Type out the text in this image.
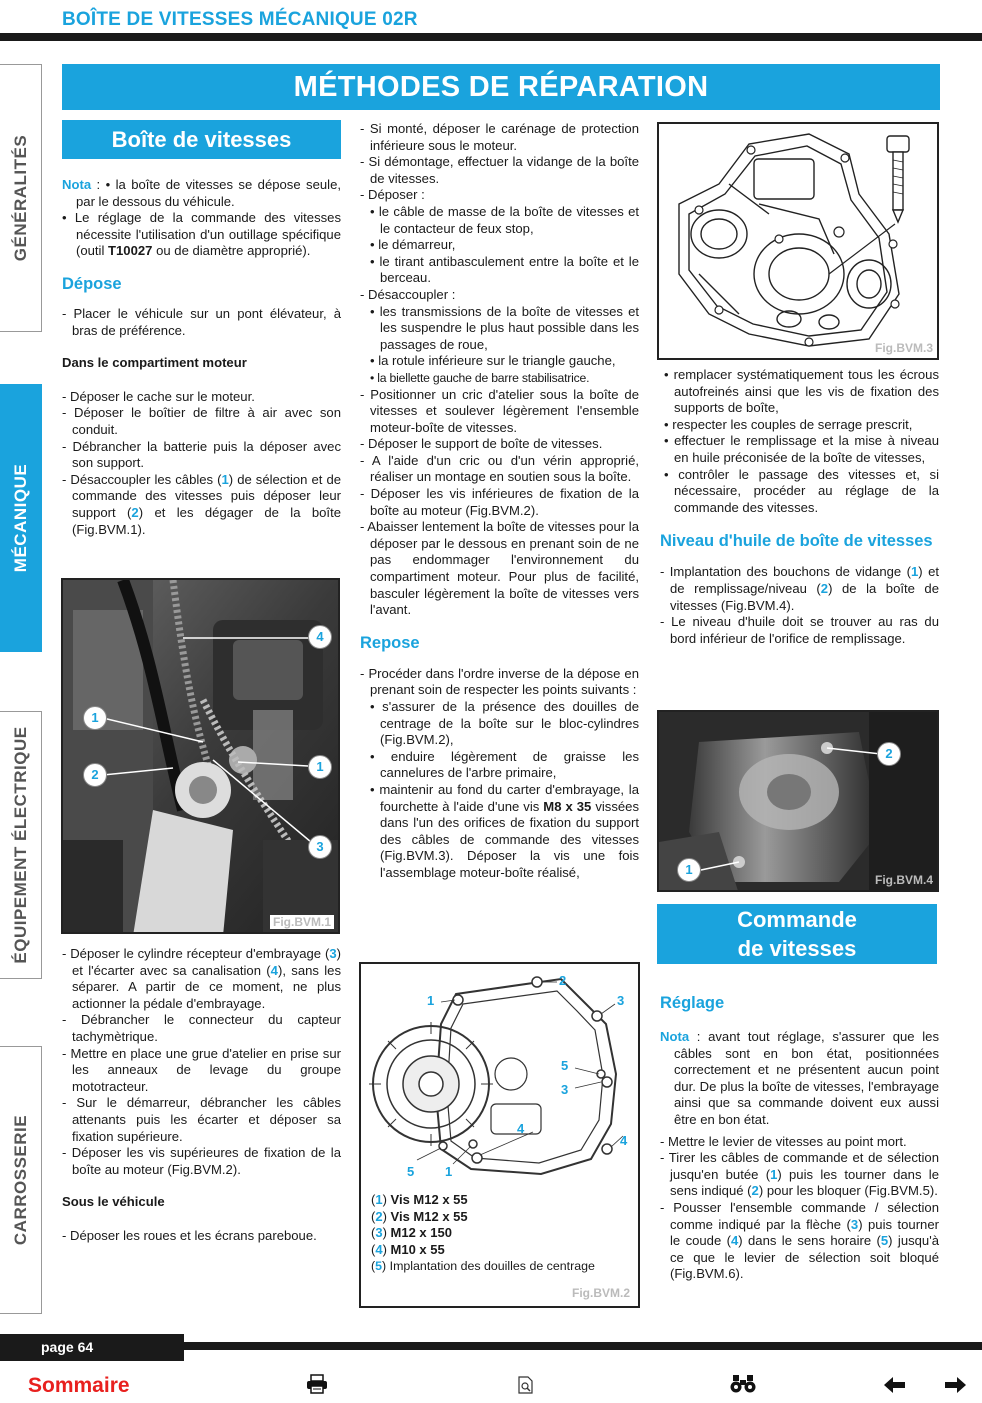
BOÎTE DE VITESSES MÉCANIQUE 02R
GÉNÉRALITÉS
MÉCANIQUE
ÉQUIPEMENT ÉLECTRIQUE
CARROSSERIE
MÉTHODES DE RÉPARATION
Boîte de vitesses

Nota : • la boîte de vitesses se dépose seule, par le dessous du véhicule.

• Le réglage de la commande des vitesses nécessite l'utilisation d'un outillage spécifique (outil T10027 ou de diamètre approprié).

Dépose

- Placer le véhicule sur un pont élévateur, à bras de préférence.

Dans le compartiment moteur

- Déposer le cache sur le moteur.

- Déposer le boîtier de filtre à air avec son conduit.

- Débrancher la batterie puis la déposer avec son support.

- Désaccoupler les câbles (1) de sélection et de commande des vitesses puis déposer leur support (2) et les dégager de la boîte (Fig.BVM.1).

4
1
1
2
3
Fig.BVM.1

- Déposer le cylindre récepteur d'embrayage (3) et l'écarter avec sa canalisation (4), sans les séparer. A partir de ce moment, ne plus actionner la pédale d'embrayage.

- Débrancher le connecteur du capteur tachymètrique.

- Mettre en place une grue d'atelier en prise sur les anneaux de levage du groupe mototracteur.

- Sur le démarreur, débrancher les câbles attenants puis les écarter et déposer sa fixation supérieure.

- Déposer les vis supérieures de fixation de la boîte au moteur (Fig.BVM.2).

Sous le véhicule

- Déposer les roues et les écrans pareboue.

- Si monté, déposer le carénage de protection inférieure sous le moteur.

- Si démontage, effectuer la vidange de la boîte de vitesses.

- Déposer :

• le câble de masse de la boîte de vitesses et le contacteur de feux stop,

• le démarreur,

• le tirant antibasculement entre la boîte et le berceau.

- Désaccoupler :

• les transmissions de la boîte de vitesses et les suspendre le plus haut possible dans les passages de roue,

• la rotule inférieure sur le triangle gauche,

• la biellette gauche de barre stabilisatrice.

- Positionner un cric d'atelier sous la boîte de vitesses et soulever légèrement l'ensemble moteur-boîte de vitesses.

- Déposer le support de boîte de vitesses.

- A l'aide d'un cric ou d'un vérin approprié, réaliser un montage en soutien sous la boîte.

- Déposer les vis inférieures de fixation de la boîte au moteur (Fig.BVM.2).

- Abaisser lentement la boîte de vitesses pour la déposer par le dessous en prenant soin de ne pas endommager l'environnement du compartiment moteur. Pour plus de facilité, basculer légèrement la boîte de vitesses vers l'avant.

Repose

- Procéder dans l'ordre inverse de la dépose en prenant soin de respecter les points suivants :

• s'assurer de la présence des douilles de centrage de la boîte sur le bloc-cylindres (Fig.BVM.2),

• enduire légèrement de graisse les cannelures de l'arbre primaire,

• maintenir au fond du carter d'embrayage, la fourchette à l'aide d'une vis M8 x 35 vissées dans l'un des orifices de fixation du support des câbles de commande des vitesses (Fig.BVM.3). Déposer la vis une fois l'assemblage moteur-boîte réalisé,

1
2
3
5
3
4
4
5 1
(1) Vis M12 x 55
(2) Vis M12 x 55
(3) M12 x 150
(4) M10 x 55
(5) Implantation des douilles de centrage
Fig.BVM.2
Fig.BVM.3

• remplacer systématiquement tous les écrous autofreinés ainsi que les vis de fixation des supports de boîte,

• respecter les couples de serrage prescrit,

• effectuer le remplissage et la mise à niveau en huile préconisée de la boîte de vitesses,

• contrôler le passage des vitesses et, si nécessaire, procéder au réglage de la commande des vitesses.

Niveau d'huile de boîte de vitesses

- Implantation des bouchons de vidange (1) et de remplissage/niveau (2) de la boîte de vitesses (Fig.BVM.4).

- Le niveau d'huile doit se trouver au ras du bord inférieur de l'orifice de remplissage.

2
1
Fig.BVM.4
Commande
de vitesses
Réglage

Nota : avant tout réglage, s'assurer que les câbles sont en bon état, positionnées correctement et ne présentent aucun point dur. De plus la boîte de vitesses, l'embrayage ainsi que sa commande doivent eux aussi être en bon état.

- Mettre le levier de vitesses au point mort.

- Tirer les câbles de commande et de sélection jusqu'en butée (1) puis les tourner dans le sens indiqué (2) pour les bloquer (Fig.BVM.5).

- Pousser l'ensemble commande / sélection comme indiqué par la flèche (3) puis tourner le coude (4) dans le sens horaire (5) jusqu'à ce que le levier de sélection soit bloqué (Fig.BVM.6).

page 64
Sommaire
